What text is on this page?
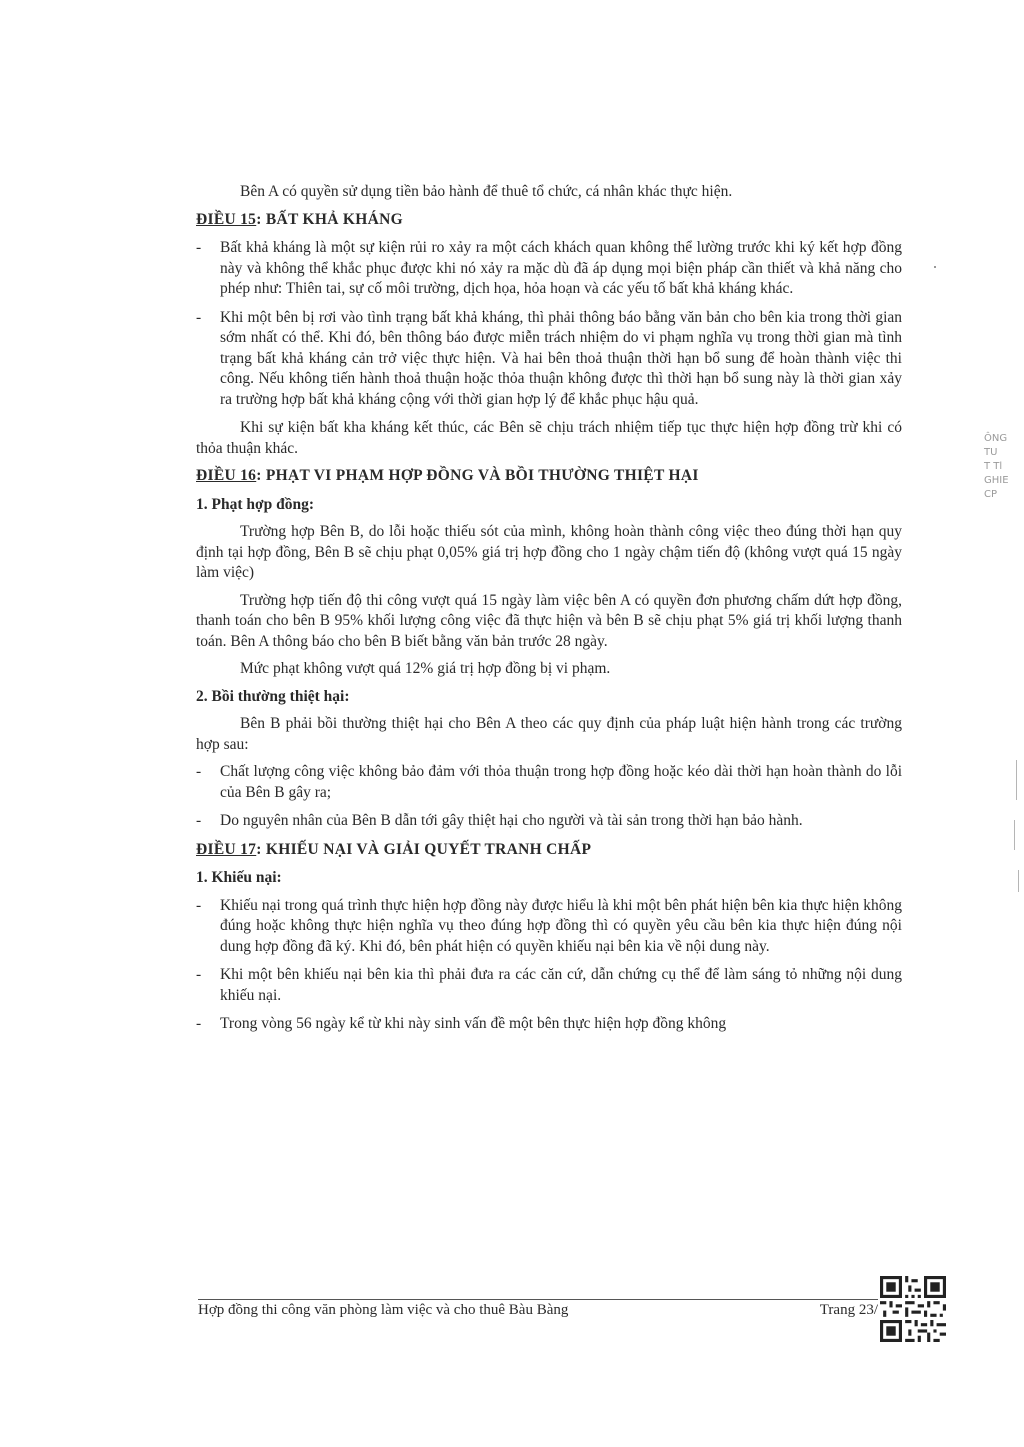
Bên A có quyền sử dụng tiền bảo hành để thuê tổ chức, cá nhân khác thực hiện.

ĐIỀU 15: BẤT KHẢ KHÁNG
- Bất khả kháng là một sự kiện rủi ro xảy ra một cách khách quan không thể lường trước khi ký kết hợp đồng này và không thể khắc phục được khi nó xảy ra mặc dù đã áp dụng mọi biện pháp cần thiết và khả năng cho phép như: Thiên tai, sự cố môi trường, dịch họa, hỏa hoạn và các yếu tố bất khả kháng khác.
- Khi một bên bị rơi vào tình trạng bất khả kháng, thì phải thông báo bằng văn bản cho bên kia trong thời gian sớm nhất có thể. Khi đó, bên thông báo được miễn trách nhiệm do vi phạm nghĩa vụ trong thời gian mà tình trạng bất khả kháng cản trở việc thực hiện. Và hai bên thoả thuận thời hạn bổ sung để hoàn thành việc thi công. Nếu không tiến hành thoả thuận hoặc thỏa thuận không được thì thời hạn bổ sung này là thời gian xảy ra trường hợp bất khả kháng cộng với thời gian hợp lý để khắc phục hậu quả.

Khi sự kiện bất kha kháng kết thúc, các Bên sẽ chịu trách nhiệm tiếp tục thực hiện hợp đồng trừ khi có thỏa thuận khác.

ĐIỀU 16: PHẠT VI PHẠM HỢP ĐỒNG VÀ BỒI THƯỜNG THIỆT HẠI
1. Phạt hợp đồng:

Trường hợp Bên B, do lỗi hoặc thiếu sót của mình, không hoàn thành công việc theo đúng thời hạn quy định tại hợp đồng, Bên B sẽ chịu phạt 0,05% giá trị hợp đồng cho 1 ngày chậm tiến độ (không vượt quá 15 ngày làm việc)

Trường hợp tiến độ thi công vượt quá 15 ngày làm việc bên A có quyền đơn phương chấm dứt hợp đồng, thanh toán cho bên B 95% khối lượng công việc đã thực hiện và bên B sẽ chịu phạt 5% giá trị khối lượng thanh toán. Bên A thông báo cho bên B biết bằng văn bản trước 28 ngày.

Mức phạt không vượt quá 12% giá trị hợp đồng bị vi phạm.

2. Bồi thường thiệt hại:

Bên B phải bồi thường thiệt hại cho Bên A theo các quy định của pháp luật hiện hành trong các trường hợp sau:

- Chất lượng công việc không bảo đảm với thỏa thuận trong hợp đồng hoặc kéo dài thời hạn hoàn thành do lỗi của Bên B gây ra;
- Do nguyên nhân của Bên B dẫn tới gây thiệt hại cho người và tài sản trong thời hạn bảo hành.
ĐIỀU 17: KHIẾU NẠI VÀ GIẢI QUYẾT TRANH CHẤP
1. Khiếu nại:
- Khiếu nại trong quá trình thực hiện hợp đồng này được hiểu là khi một bên phát hiện bên kia thực hiện không đúng hoặc không thực hiện nghĩa vụ theo đúng hợp đồng thì có quyền yêu cầu bên kia thực hiện đúng nội dung hợp đồng đã ký. Khi đó, bên phát hiện có quyền khiếu nại bên kia về nội dung này.
- Khi một bên khiếu nại bên kia thì phải đưa ra các căn cứ, dẫn chứng cụ thể để làm sáng tỏ những nội dung khiếu nại.
- Trong vòng 56 ngày kể từ khi này sinh vấn đề một bên thực hiện hợp đồng không
ÔNG
TU
T Tl
GHIE
CP
Hợp đồng thi công văn phòng làm việc và cho thuê Bàu Bàng	Trang 23/
